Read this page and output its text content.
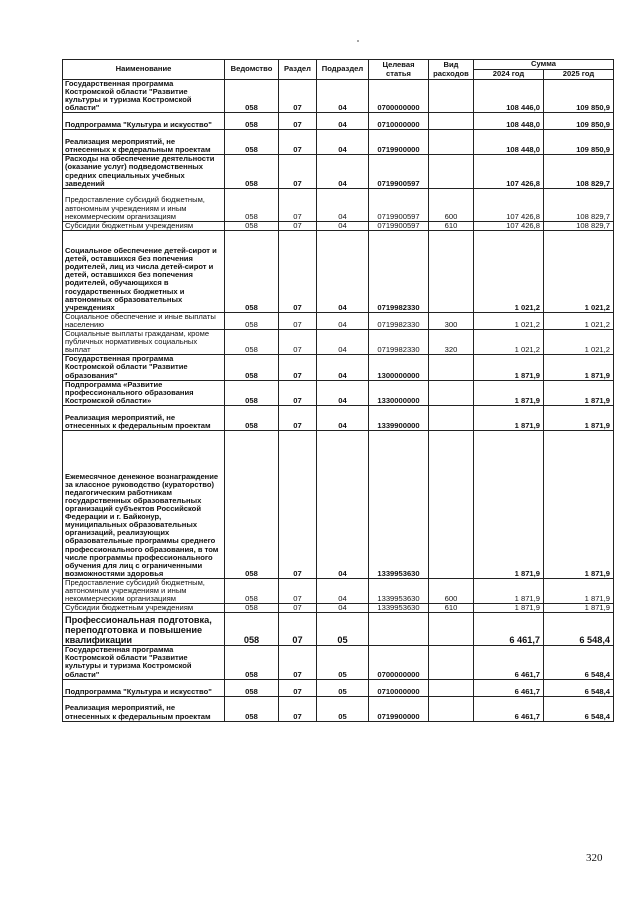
Наименование	Ведомство	Раздел	Подраздел	Целевая статья	Вид расходов	Сумма	
						2024 год	2025 год
Государственная программа Костромской области "Развитие культуры и туризма Костромской области"	058	07	04	0700000000		108 446,0	109 850,9
Подпрограмма "Культура и искусство"	058	07	04	0710000000		108 448,0	109 850,9
Реализация мероприятий, не отнесенных к федеральным проектам	058	07	04	0719900000		108 448,0	109 850,9
Расходы на обеспечение деятельности (оказание услуг) подведомственных средних специальных учебных заведений	058	07	04	0719900597		107 426,8	108 829,7
Предоставление субсидий бюджетным, автономным учреждениям и иным некоммерческим организациям	058	07	04	0719900597	600	107 426,8	108 829,7
Субсидии бюджетным учреждениям	058	07	04	0719900597	610	107 426,8	108 829,7
Социальное обеспечение детей-сирот и детей, оставшихся без попечения родителей, лиц из числа детей-сирот и детей, оставшихся без попечения родителей, обучающихся в государственных бюджетных и автономных образовательных учреждениях	058	07	04	0719982330		1 021,2	1 021,2
Социальное обеспечение и иные выплаты населению	058	07	04	0719982330	300	1 021,2	1 021,2
Социальные выплаты гражданам, кроме публичных нормативных социальных выплат	058	07	04	0719982330	320	1 021,2	1 021,2
Государственная программа Костромской области "Развитие образования"	058	07	04	1300000000		1 871,9	1 871,9
Подпрограмма «Развитие профессионального образования Костромской области»	058	07	04	1330000000		1 871,9	1 871,9
Реализация мероприятий, не отнесенных к федеральным проектам	058	07	04	1339900000		1 871,9	1 871,9
Ежемесячное денежное вознаграждение за классное руководство (кураторство) педагогическим работникам государственных образовательных организаций субъектов Российской Федерации и г. Байконур, муниципальных образовательных организаций, реализующих образовательные программы среднего профессионального образования, в том числе программы профессионального обучения для лиц с ограниченными возможностями здоровья	058	07	04	1339953630		1 871,9	1 871,9
Предоставление субсидий бюджетным, автономным учреждениям и иным некоммерческим организациям	058	07	04	1339953630	600	1 871,9	1 871,9
Субсидии бюджетным учреждениям	058	07	04	1339953630	610	1 871,9	1 871,9
Профессиональная подготовка, переподготовка и повышение квалификации	058	07	05			6 461,7	6 548,4
Государственная программа Костромской области "Развитие культуры и туризма Костромской области"	058	07	05	0700000000		6 461,7	6 548,4
Подпрограмма "Культура и искусство"	058	07	05	0710000000		6 461,7	6 548,4
Реализация мероприятий, не отнесенных к федеральным проектам	058	07	05	0719900000		6 461,7	6 548,4
320
